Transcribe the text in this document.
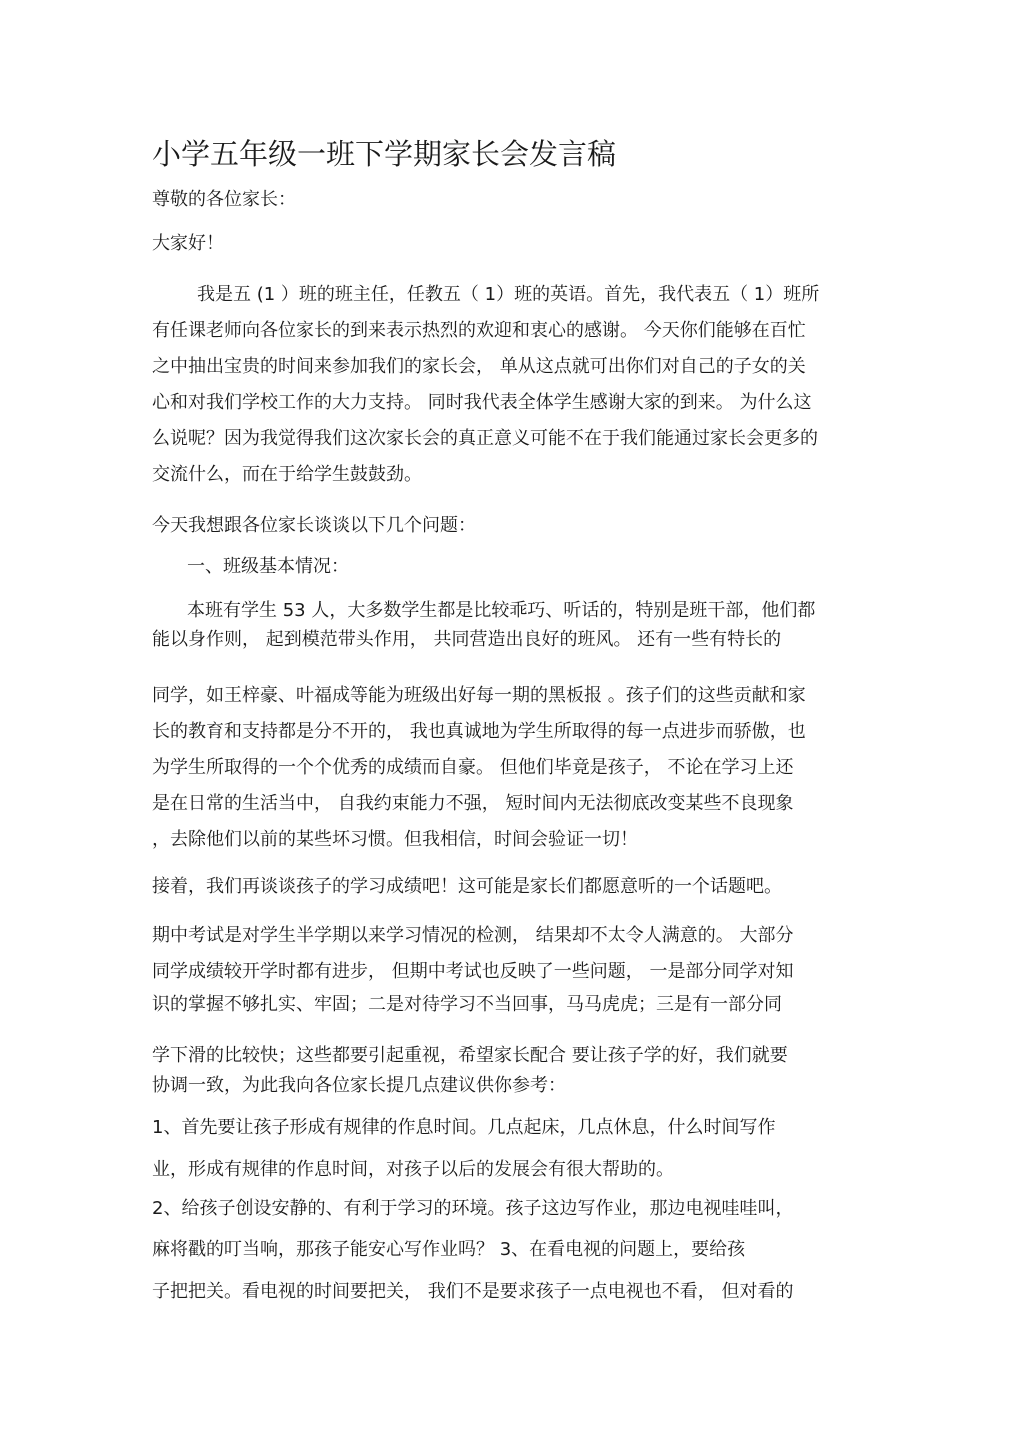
小学五年级一班下学期家长会发言稿
尊敬的各位家长：
大家好！
我是五 (1 ）班的班主任，任教五（ 1）班的英语。首先，我代表五（ 1）班所
有任课老师向各位家长的到来表示热烈的欢迎和衷心的感谢。 今天你们能够在百忙
之中抽出宝贵的时间来参加我们的家长会， 单从这点就可出你们对自己的子女的关
心和对我们学校工作的大力支持。 同时我代表全体学生感谢大家的到来。 为什么这
么说呢？因为我觉得我们这次家长会的真正意义可能不在于我们能通过家长会更多的
交流什么，而在于给学生鼓鼓劲。
今天我想跟各位家长谈谈以下几个问题：
一、班级基本情况：
本班有学生 53 人，大多数学生都是比较乖巧、听话的，特别是班干部，他们都
能以身作则， 起到模范带头作用， 共同营造出良好的班风。 还有一些有特长的
同学，如王梓豪、叶福成等能为班级出好每一期的黑板报 。孩子们的这些贡献和家
长的教育和支持都是分不开的， 我也真诚地为学生所取得的每一点进步而骄傲，也
为学生所取得的一个个优秀的成绩而自豪。 但他们毕竟是孩子， 不论在学习上还
是在日常的生活当中， 自我约束能力不强， 短时间内无法彻底改变某些不良现象
，去除他们以前的某些坏习惯。但我相信，时间会验证一切！
接着，我们再谈谈孩子的学习成绩吧！这可能是家长们都愿意听的一个话题吧。
期中考试是对学生半学期以来学习情况的检测， 结果却不太令人满意的。 大部分
同学成绩较开学时都有进步， 但期中考试也反映了一些问题， 一是部分同学对知
识的掌握不够扎实、牢固；二是对待学习不当回事，马马虎虎；三是有一部分同
学下滑的比较快；这些都要引起重视，希望家长配合 要让孩子学的好，我们就要
协调一致，为此我向各位家长提几点建议供你参考：
1、首先要让孩子形成有规律的作息时间。几点起床，几点休息，什么时间写作
业，形成有规律的作息时间，对孩子以后的发展会有很大帮助的。
2、给孩子创设安静的、有利于学习的环境。孩子这边写作业，那边电视哇哇叫，
麻将戳的叮当响，那孩子能安心写作业吗？ 3、在看电视的问题上，要给孩
子把把关。看电视的时间要把关， 我们不是要求孩子一点电视也不看， 但对看的
